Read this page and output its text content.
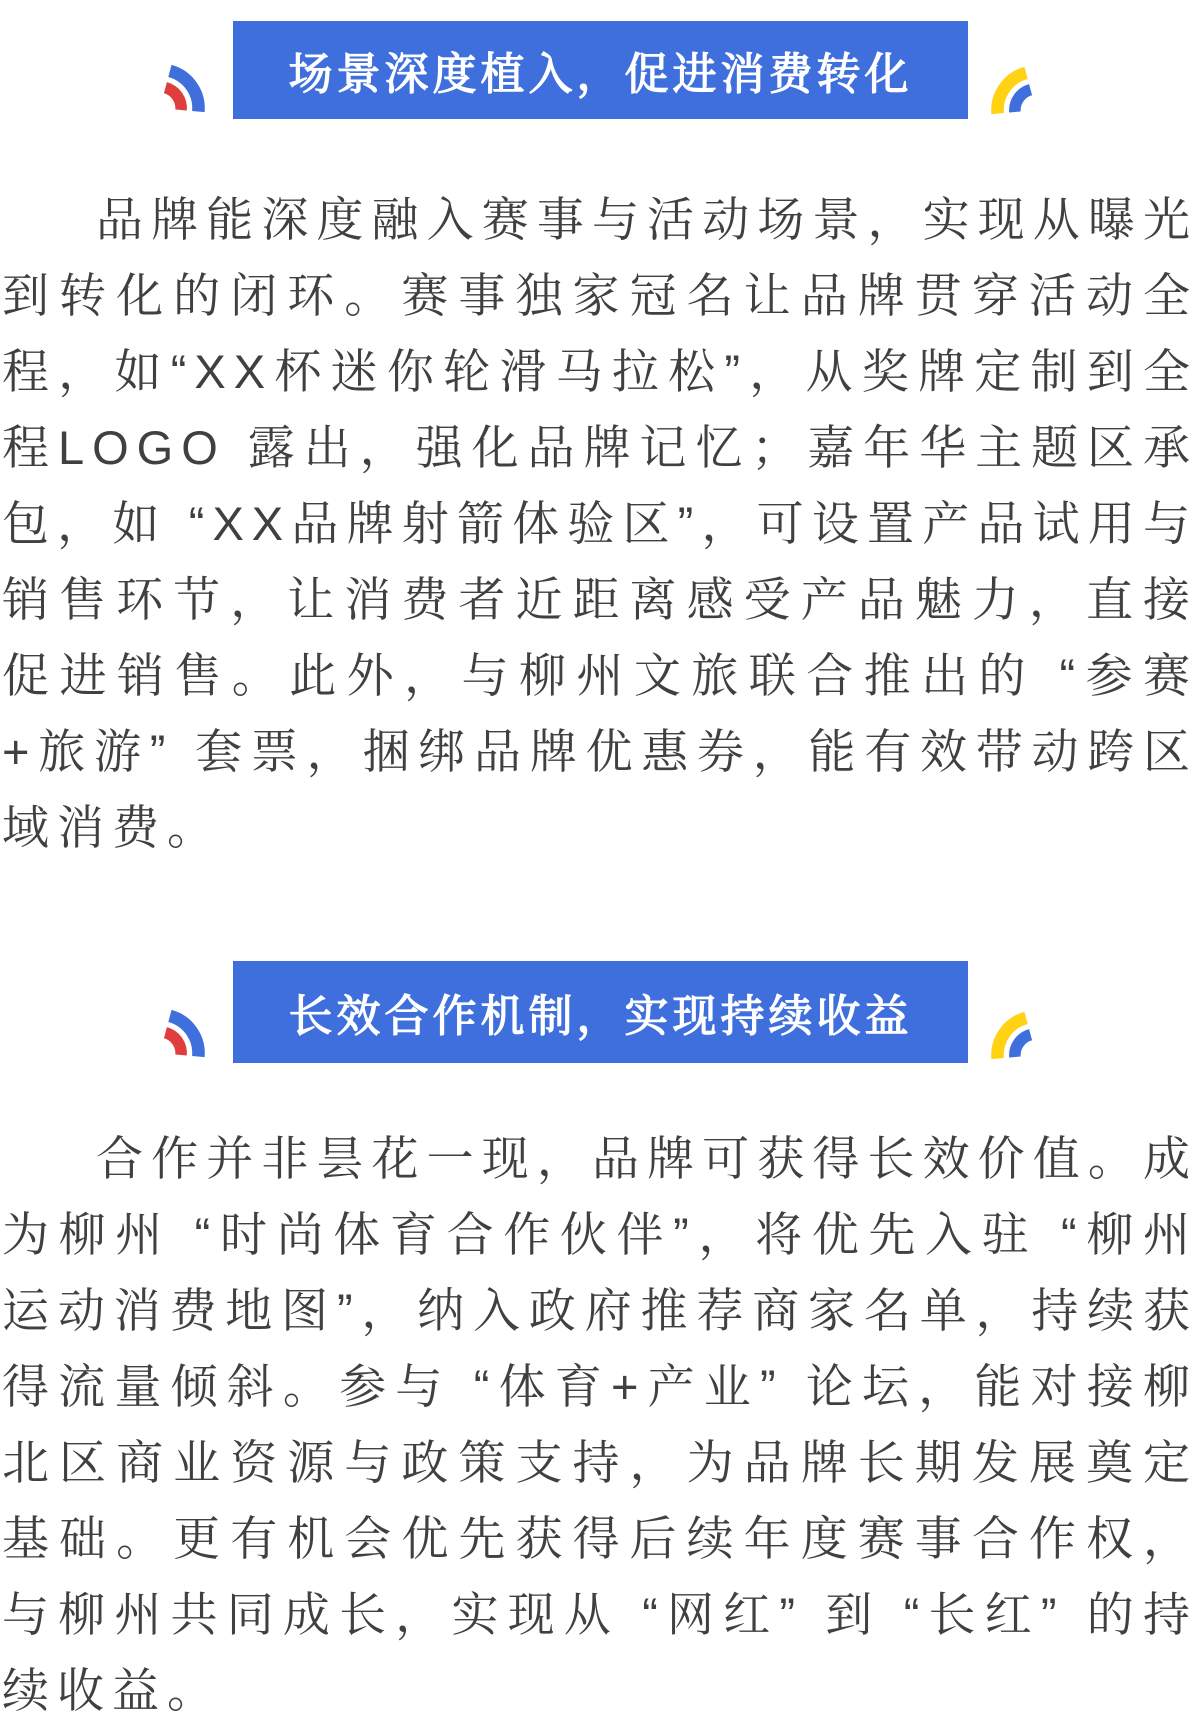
场景深度植入，促进消费转化

品牌能深度融入赛事与活动场景，实现从曝光到转化的闭环。赛事独家冠名让品牌贯穿活动全程，如“XX杯迷你轮滑马拉松”，从奖牌定制到全程LOGO 露出，强化品牌记忆；嘉年华主题区承包，如 “XX品牌射箭体验区”，可设置产品试用与销售环节，让消费者近距离感受产品魅力，直接促进销售。此外，与柳州文旅联合推出的 “参赛+旅游” 套票，捆绑品牌优惠券，能有效带动跨区域消费。

长效合作机制，实现持续收益

合作并非昙花一现，品牌可获得长效价值。成为柳州 “时尚体育合作伙伴”，将优先入驻 “柳州运动消费地图”，纳入政府推荐商家名单，持续获得流量倾斜。参与 “体育+产业” 论坛，能对接柳北区商业资源与政策支持，为品牌长期发展奠定基础。更有机会优先获得后续年度赛事合作权，与柳州共同成长，实现从 “网红” 到 “长红” 的持续收益。
